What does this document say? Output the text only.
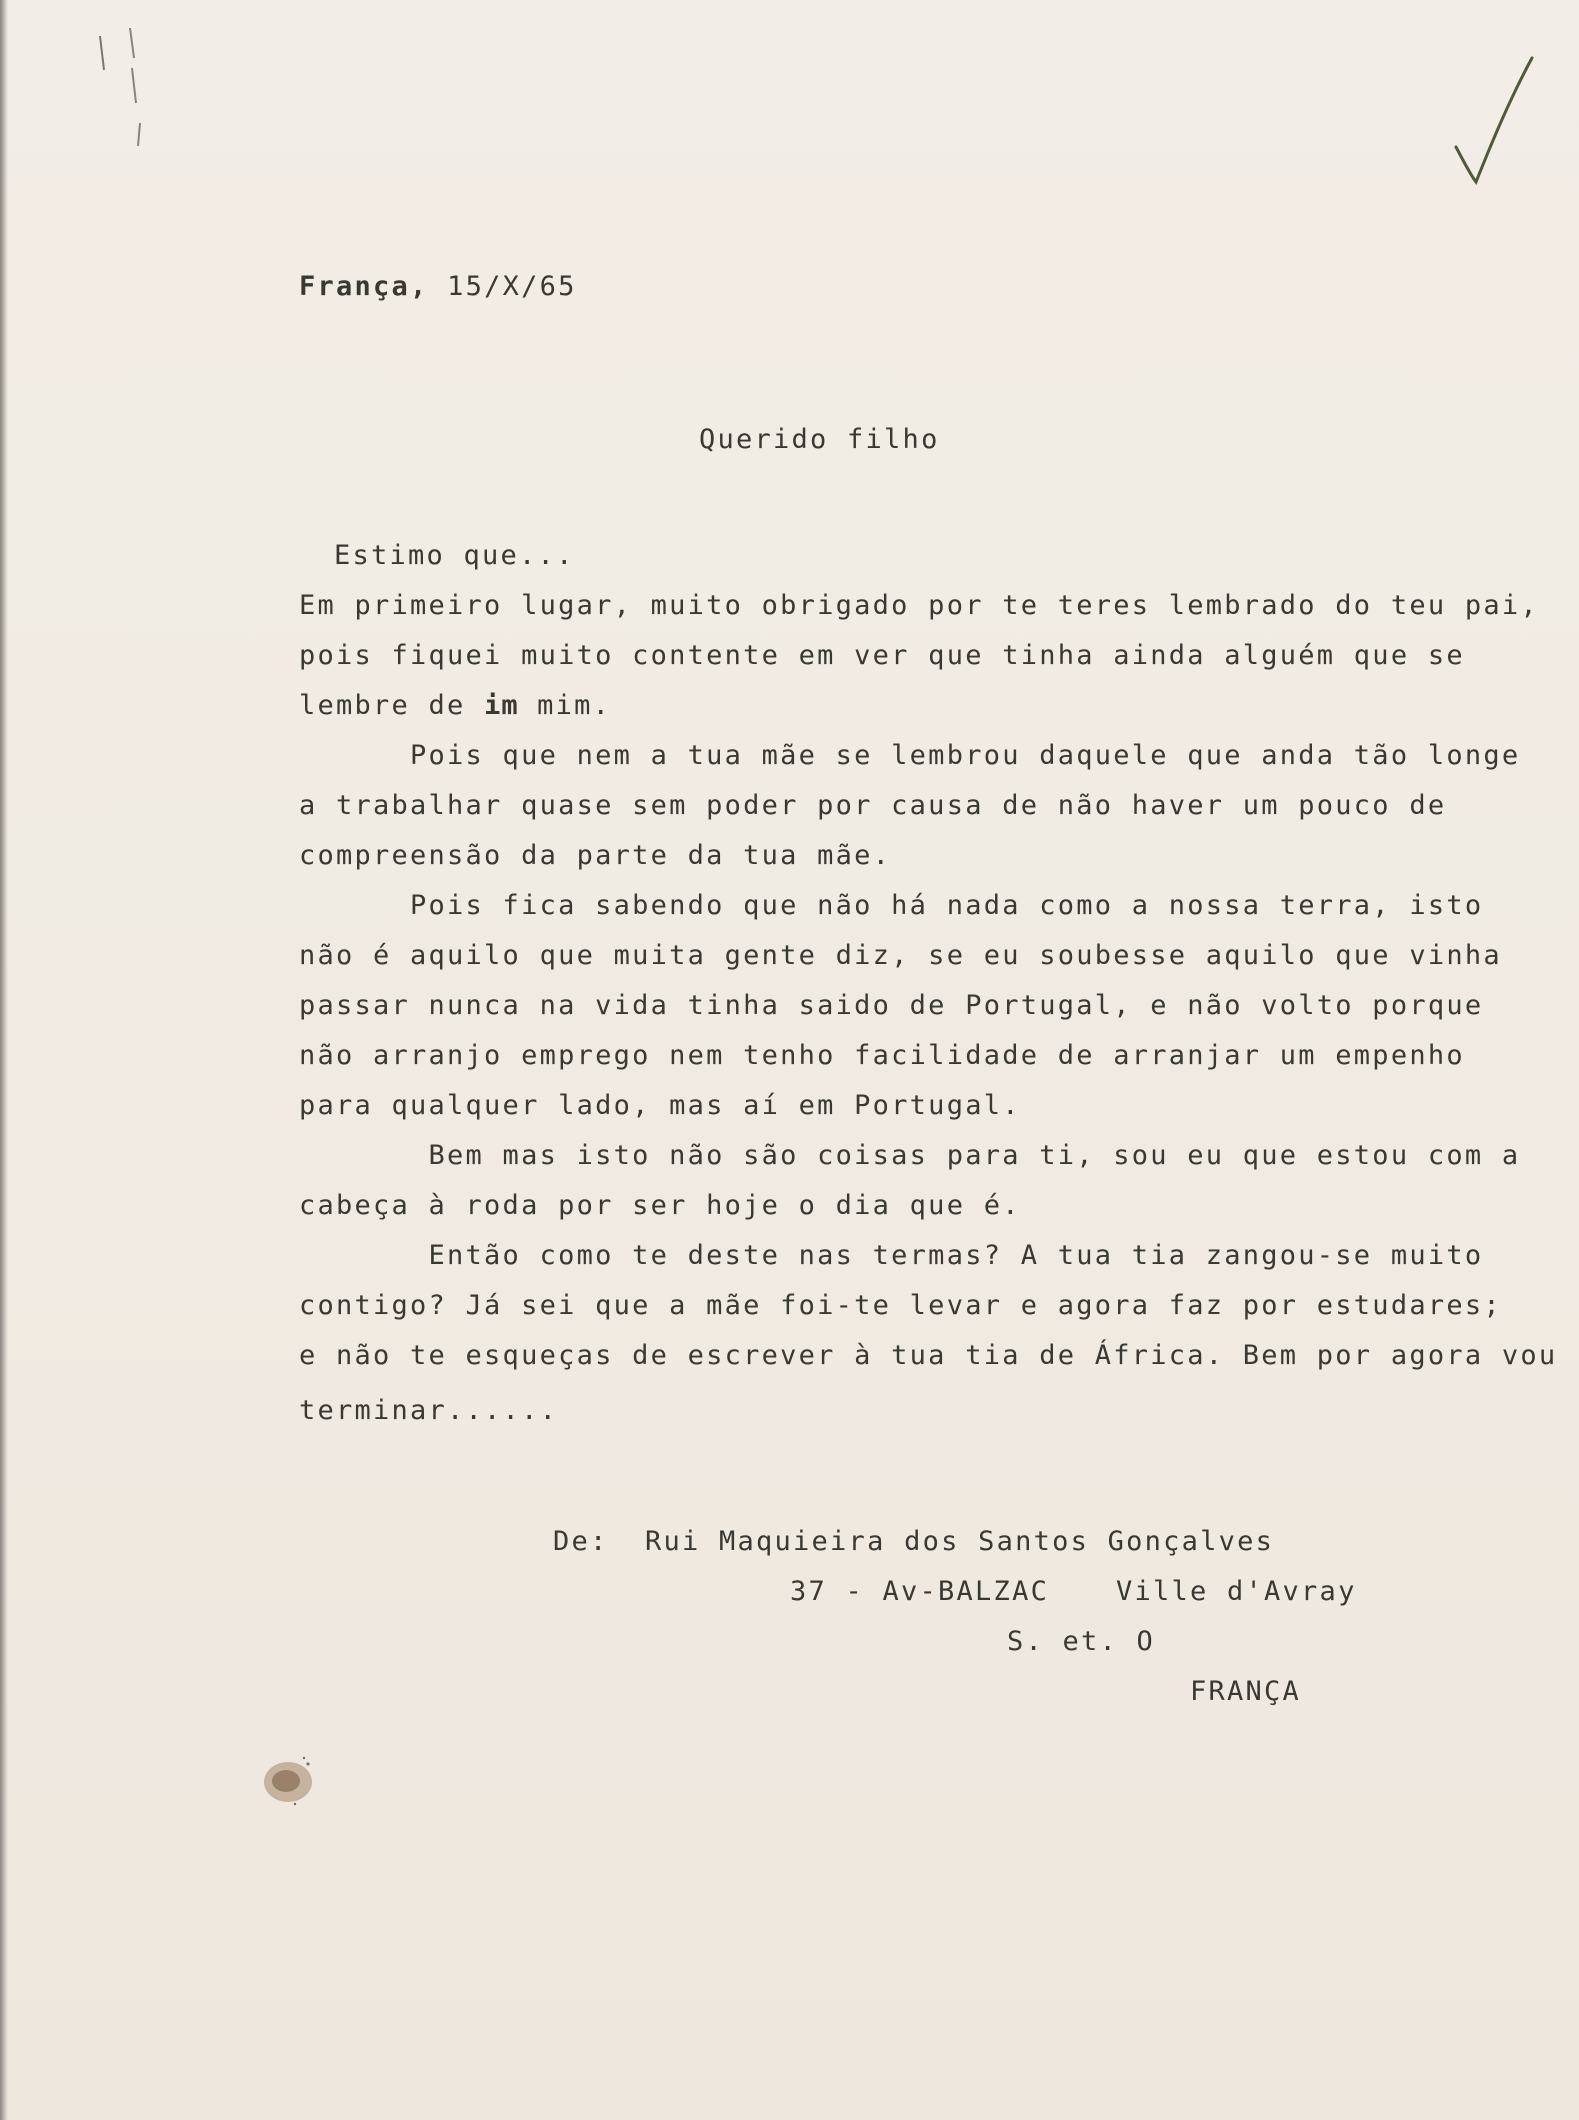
França, 15/X/65
Querido filho
Estimo que...
Em primeiro lugar, muito obrigado por te teres lembrado do teu pai,
pois fiquei muito contente em ver que tinha ainda alguém que se
lembre de im mim.
Pois que nem a tua mãe se lembrou daquele que anda tão longe
a trabalhar quase sem poder por causa de não haver um pouco de
compreensão da parte da tua mãe.
Pois fica sabendo que não há nada como a nossa terra, isto
não é aquilo que muita gente diz, se eu soubesse aquilo que vinha
passar nunca na vida tinha saido de Portugal, e não volto porque
não arranjo emprego nem tenho facilidade de arranjar um empenho
para qualquer lado, mas aí em Portugal.
Bem mas isto não são coisas para ti, sou eu que estou com a
cabeça à roda por ser hoje o dia que é.
Então como te deste nas termas? A tua tia zangou-se muito
contigo? Já sei que a mãe foi-te levar e agora faz por estudares;
e não te esqueças de escrever à tua tia de África. Bem por agora vou
terminar......
De: Rui Maquieira dos Santos Gonçalves
37 - Av-BALZAC Ville d'Avray
S. et. O
FRANÇA
